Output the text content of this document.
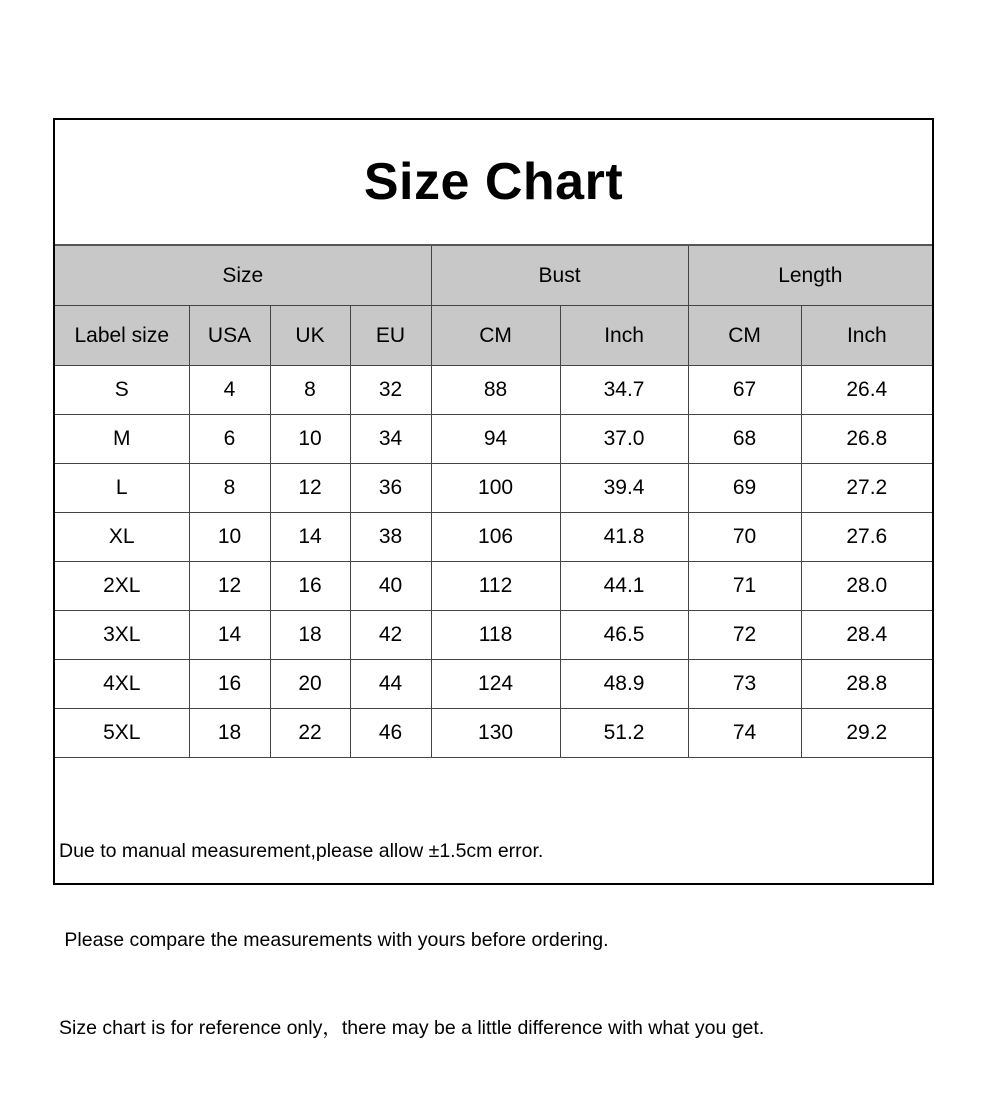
Size Chart
Size				Bust		Length	
Label size	USA	UK	EU	CM	Inch	CM	Inch
S	4	8	32	88	34.7	67	26.4
M	6	10	34	94	37.0	68	26.8
L	8	12	36	100	39.4	69	27.2
XL	10	14	38	106	41.8	70	27.6
2XL	12	16	40	112	44.1	71	28.0
3XL	14	18	42	118	46.5	72	28.4
4XL	16	20	44	124	48.9	73	28.8
5XL	18	22	46	130	51.2	74	29.2

Due to manual measurement,please allow ±1.5cm error.

Please compare the measurements with yours before ordering.

Size chart is for reference only，there may be a little difference with what you get.
